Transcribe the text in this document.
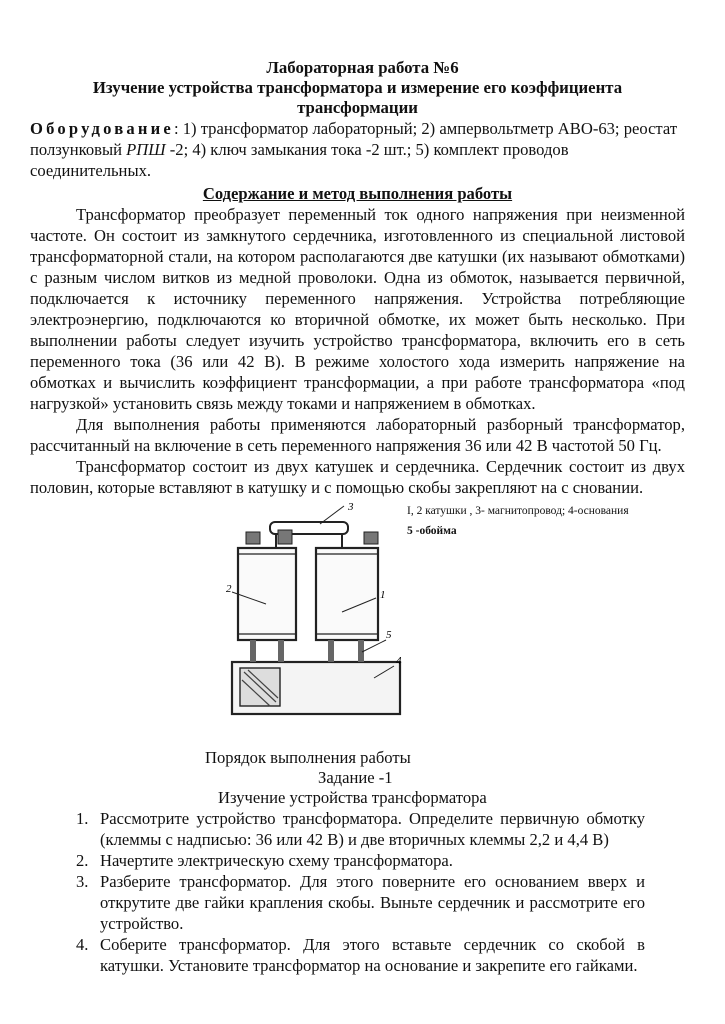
Лабораторная работа №6
Изучение устройства трансформатора и измерение его коэффициента
трансформации
Оборудование: 1) трансформатор лабораторный; 2) ампервольтметр АВО-63; реостат ползунковый РПШ -2; 4) ключ замыкания тока -2 шт.; 5) комплект проводов соединительных.
Содержание и метод выполнения работы

Трансформатор преобразует переменный ток одного напряжения при неизменной частоте. Он состоит из замкнутого сердечника, изготовленного из специальной листовой трансформаторной стали, на котором располагаются две катушки (их называют обмотками) с разным числом витков из медной проволоки. Одна из обмоток, называется первичной, подключается к источнику переменного напряжения. Устройства потребляющие электроэнергию, подключаются ко вторичной обмотке, их может быть несколько. При выполнении работы следует изучить устройство трансформатора, включить его в сеть переменного тока (36 или 42 В). В режиме холостого хода измерить напряжение на обмотках и вычислить коэффициент трансформации, а при работе трансформатора «под нагрузкой» установить связь между токами и напряжением в обмотках.

Для выполнения работы применяются лабораторный разборный трансформатор, рассчитанный на включение в сеть переменного напряжения 36 или 42 В частотой 50 Гц.

Трансформатор состоит из двух катушек и сердечника. Сердечник состоит из двух половин, которые вставляют в катушку и с помощью скобы закрепляют на с сновании.

3
2	1
5
4
I, 2 катушки , 3- магнитопровод; 4-основания
5 -обойма
Порядок выполнения работы
Задание -1
Изучение устройства трансформатора
1. Рассмотрите устройство трансформатора. Определите первичную обмотку (клеммы с надписью: 36 или 42 В) и две вторичных клеммы 2,2 и 4,4 В)
2. Начертите электрическую схему трансформатора.
3. Разберите трансформатор. Для этого поверните его основанием вверх и открутите две гайки крапления скобы. Выньте сердечник и рассмотрите его устройство.
4. Соберите трансформатор. Для этого вставьте сердечник со скобой в катушки. Установите трансформатор на основание и закрепите его гайками.
